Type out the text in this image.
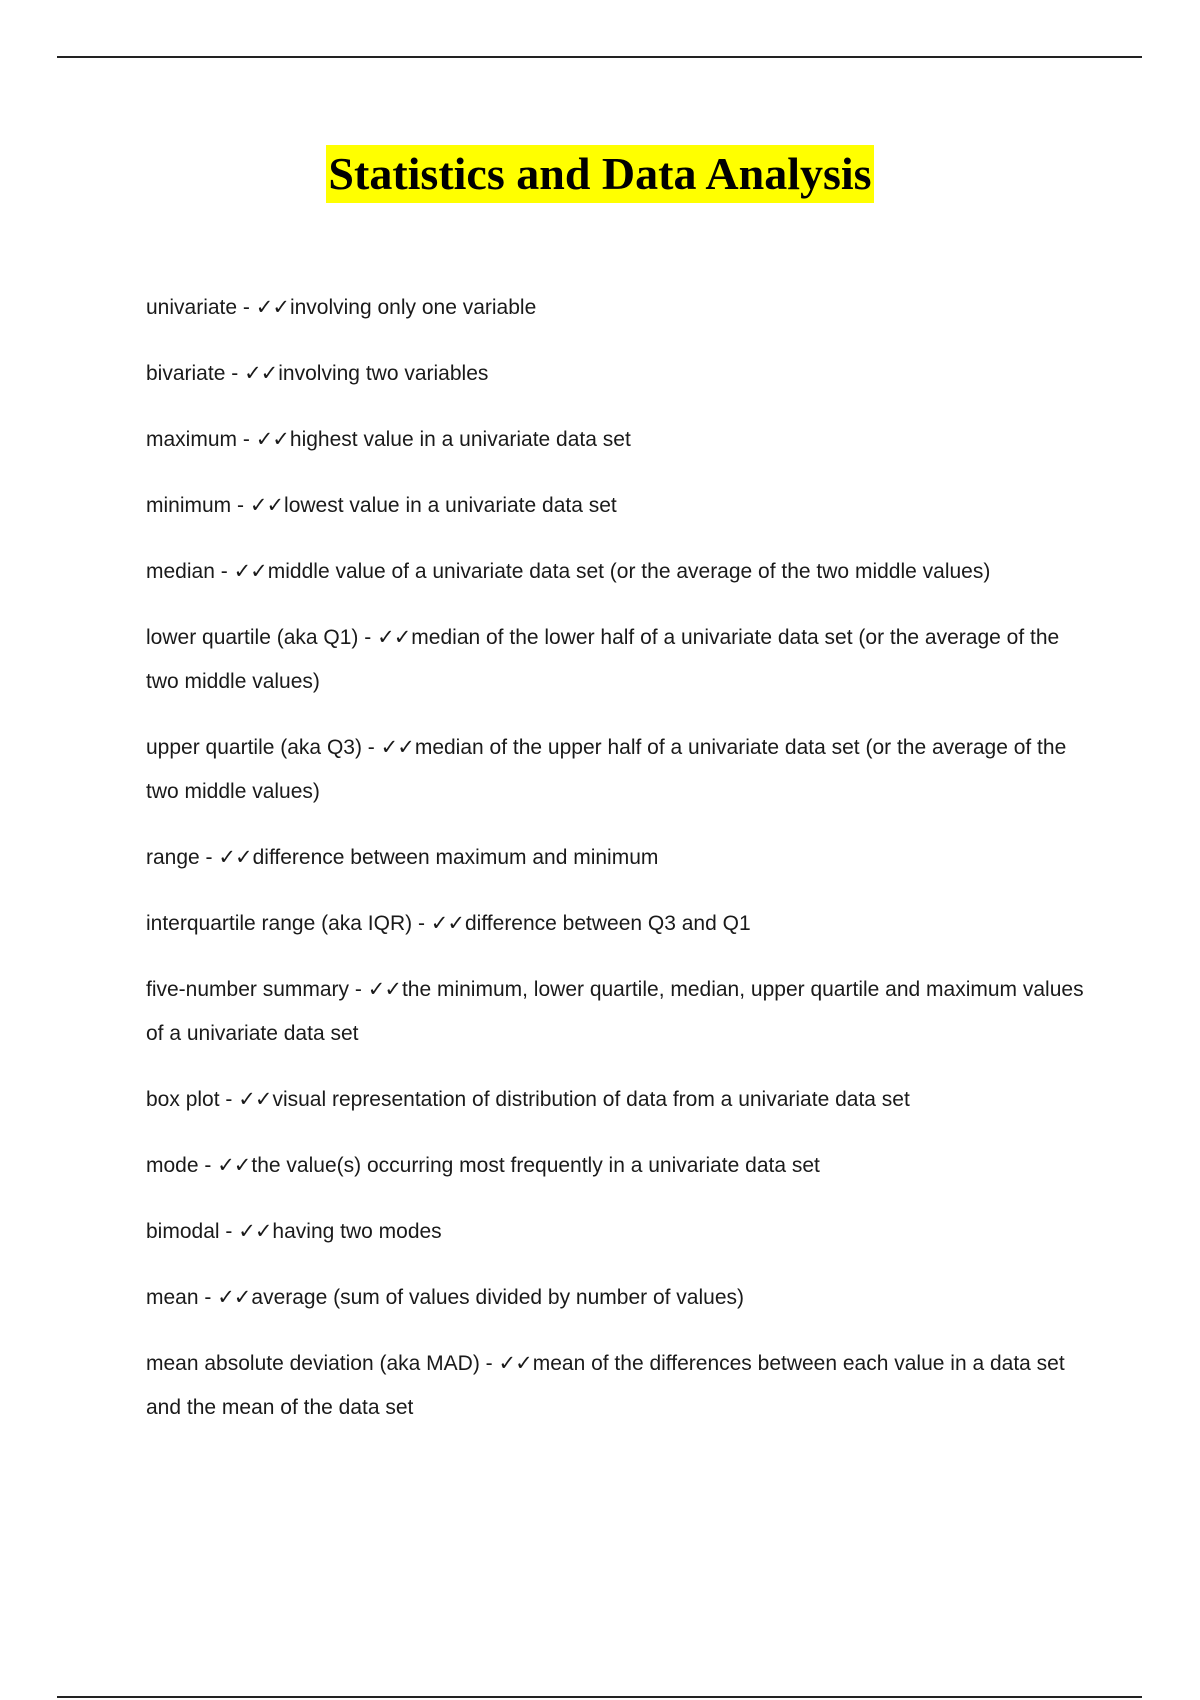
Statistics and Data Analysis
univariate - ✓✓involving only one variable
bivariate - ✓✓involving two variables
maximum - ✓✓highest value in a univariate data set
minimum - ✓✓lowest value in a univariate data set
median - ✓✓middle value of a univariate data set (or the average of the two middle values)
lower quartile (aka Q1) - ✓✓median of the lower half of a univariate data set (or the average of the two middle values)
upper quartile (aka Q3) - ✓✓median of the upper half of a univariate data set (or the average of the two middle values)
range - ✓✓difference between maximum and minimum
interquartile range (aka IQR) - ✓✓difference between Q3 and Q1
five-number summary - ✓✓the minimum, lower quartile, median, upper quartile and maximum values of a univariate data set
box plot - ✓✓visual representation of distribution of data from a univariate data set
mode - ✓✓the value(s) occurring most frequently in a univariate data set
bimodal - ✓✓having two modes
mean - ✓✓average (sum of values divided by number of values)
mean absolute deviation (aka MAD) - ✓✓mean of the differences between each value in a data set and the mean of the data set
